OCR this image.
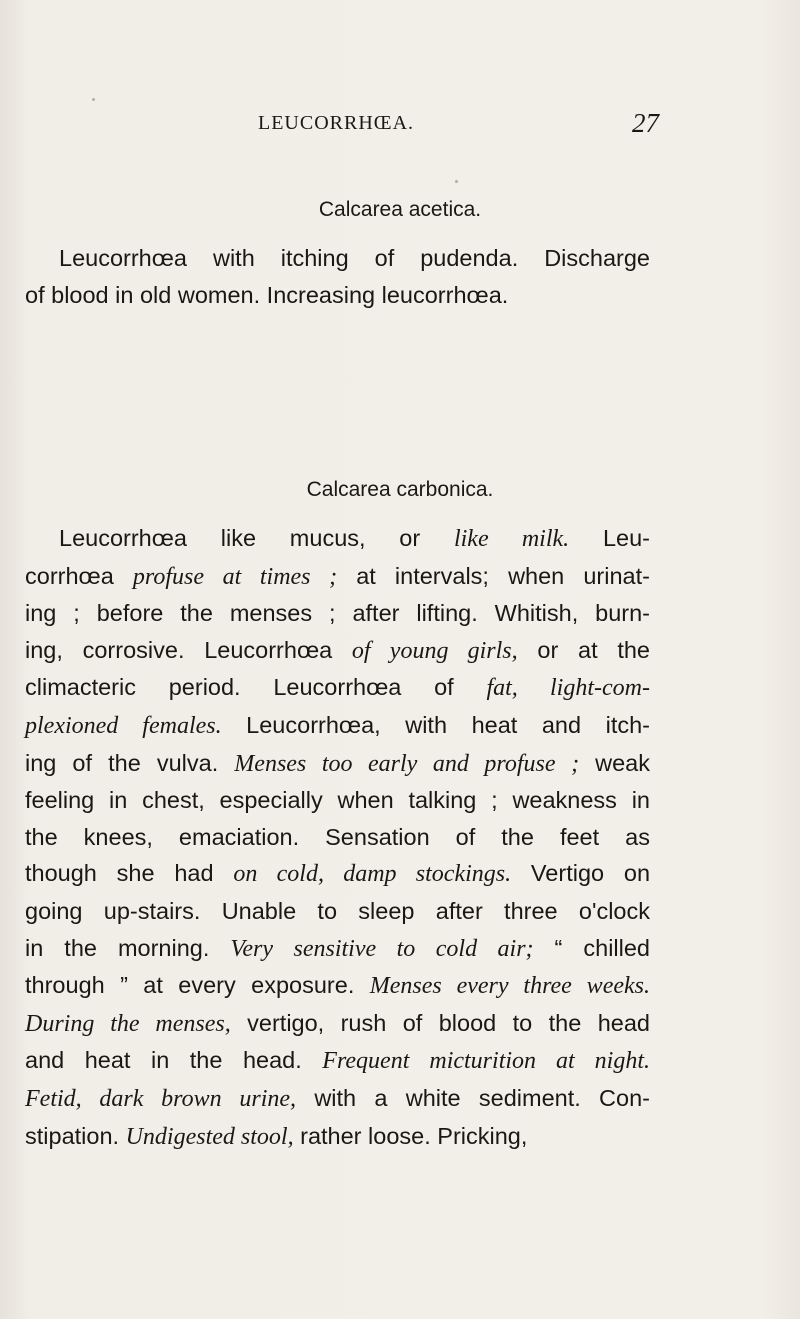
LEUCORRHŒA.	27
Calcarea acetica.
Leucorrhœa with itching of pudenda. Discharge
of blood in old women. Increasing leucorrhœa.
Calcarea carbonica.
Leucorrhœa like mucus, or like milk. Leu-
corrhœa profuse at times ; at intervals; when urinat-
ing ; before the menses ; after lifting. Whitish, burn-
ing, corrosive. Leucorrhœa of young girls, or at the
climacteric period. Leucorrhœa of fat, light-com-
plexioned females. Leucorrhœa, with heat and itch-
ing of the vulva. Menses too early and profuse ; weak
feeling in chest, especially when talking ; weakness in
the knees, emaciation. Sensation of the feet as
though she had on cold, damp stockings. Vertigo on
going up-stairs. Unable to sleep after three o'clock
in the morning. Very sensitive to cold air; “ chilled
through ” at every exposure. Menses every three weeks.
During the menses, vertigo, rush of blood to the head
and heat in the head. Frequent micturition at night.
Fetid, dark brown urine, with a white sediment. Con-
stipation. Undigested stool, rather loose. Pricking,
